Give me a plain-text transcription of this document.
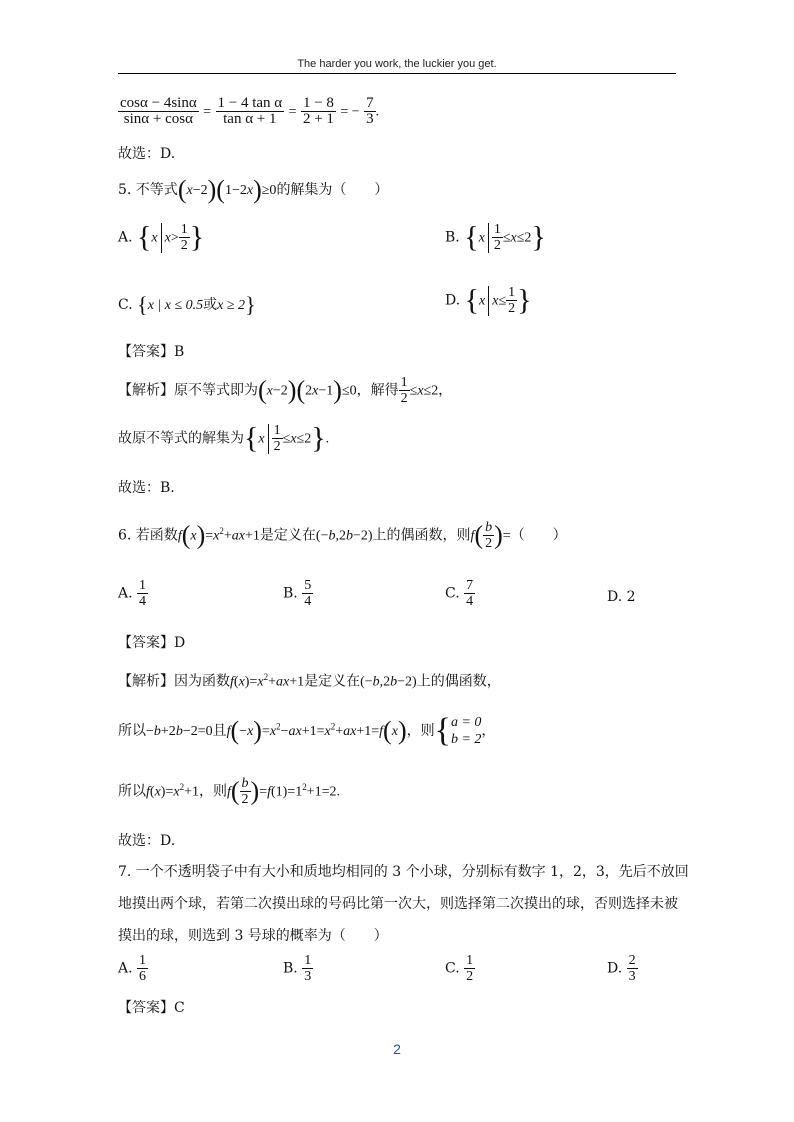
The harder you work, the luckier you get.
$\frac{\cos\alpha - 4\sin\alpha}{\sin\alpha + \cos\alpha} = \frac{\text{1 − 4 tan α}}{\text{tan α + 1}} = \frac{1 - 8}{2 + 1}$ = − $\frac{7}{3}$ .
故选：D.
5. 不等式(x−2)(1−2x)≥0的解集为（　　）
A. {x $x> \frac{1}{2}$ }	B. $\{x \frac{1}{2} \le x\le 2\}$
C. {x | x ≤ 0.5或x ≥ 2}	D. {x $x\le \frac{1}{2}$ }
【答案】B
【解析】原不等式即为(x−2)(2x−1)≤0，解得 $\frac{1}{2} \le x\le 2$，
故原不等式的解集为$\{x \frac{1}{2} \le x\le 2\}$.
故选：B.
6. 若函数$f(x)=x^2+ax+1$是定义在(−b,2b−2)上的偶函数，则$f( \frac{b}{2}$ )=（　　）
A. $\frac{1}{4}$	B. $\frac{5}{4}$	C. $\frac{7}{4}$	D. 2
【答案】D
【解析】因为函数$f(x)=x^2+ax+1$是定义在(−b,2b−2)上的偶函数，
所以−b+2b−2=0且$f(-x)=x^2-ax+1=x^2+ax+1=f(x)$，则{ a = 0
b = 2
，
所以$f(x)=x^2+1$，则$f( \frac{b}{2} )=f(1)=1^2+1=2$.
故选：D.
7. 一个不透明袋子中有大小和质地均相同的 3 个小球，分别标有数字 1，2，3，先后不放回
地摸出两个球，若第二次摸出球的号码比第一次大，则选择第二次摸出的球，否则选择未被
摸出的球，则选到 3 号球的概率为（　　）
A. $\frac{1}{6}$	B. $\frac{1}{3}$	C. $\frac{1}{2}$	D. $\frac{2}{3}$
【答案】C
2
